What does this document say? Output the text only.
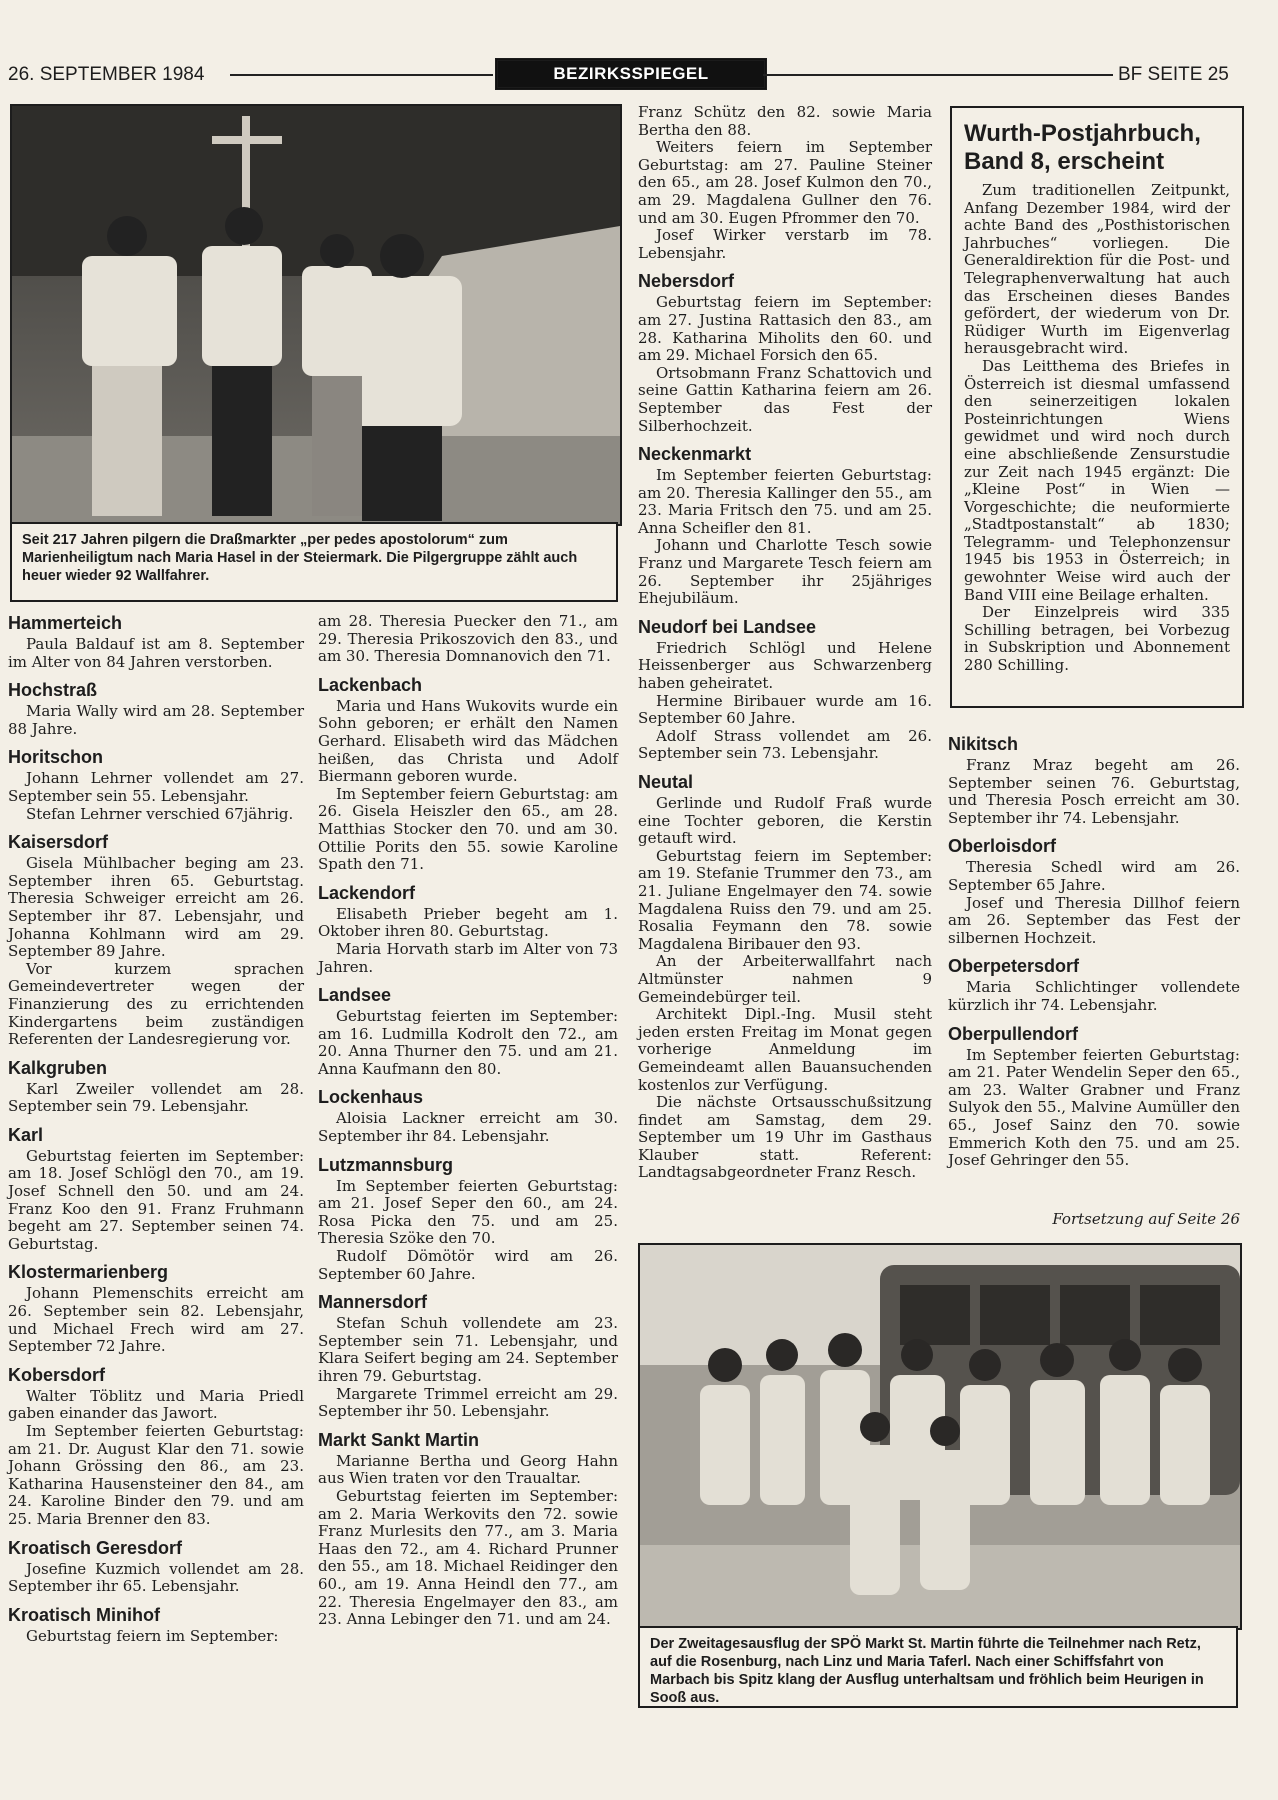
26. SEPTEMBER 1984	BEZIRKSSPIEGEL	BF SEITE 25
Seit 217 Jahren pilgern die Draßmarkter „per pedes apostolorum“ zum Marienheiligtum nach Maria Hasel in der Steiermark. Die Pilgergruppe zählt auch heuer wieder 92 Wallfahrer.
Hammerteich

Paula Baldauf ist am 8. September im Alter von 84 Jahren verstorben.

Hochstraß

Maria Wally wird am 28. September 88 Jahre.

Horitschon

Johann Lehrner vollendet am 27. September sein 55. Lebensjahr.

Stefan Lehrner verschied 67jährig.

Kaisersdorf

Gisela Mühlbacher beging am 23. September ihren 65. Geburtstag. Theresia Schweiger erreicht am 26. September ihr 87. Lebensjahr, und Johanna Kohlmann wird am 29. September 89 Jahre.

Vor kurzem sprachen Gemeindevertreter wegen der Finanzierung des zu errichtenden Kindergartens beim zuständigen Referenten der Landesregierung vor.

Kalkgruben

Karl Zweiler vollendet am 28. September sein 79. Lebensjahr.

Karl

Geburtstag feierten im September: am 18. Josef Schlögl den 70., am 19. Josef Schnell den 50. und am 24. Franz Koo den 91. Franz Fruhmann begeht am 27. September seinen 74. Geburtstag.

Klostermarienberg

Johann Plemenschits erreicht am 26. September sein 82. Lebensjahr, und Michael Frech wird am 27. September 72 Jahre.

Kobersdorf

Walter Töblitz und Maria Priedl gaben einander das Jawort.

Im September feierten Geburtstag: am 21. Dr. August Klar den 71. sowie Johann Grössing den 86., am 23. Katharina Hausensteiner den 84., am 24. Karoline Binder den 79. und am 25. Maria Brenner den 83.

Kroatisch Geresdorf

Josefine Kuzmich vollendet am 28. September ihr 65. Lebensjahr.

Kroatisch Minihof

Geburtstag feiern im September:

am 28. Theresia Puecker den 71., am 29. Theresia Prikoszovich den 83., und am 30. Theresia Domnanovich den 71.

Lackenbach

Maria und Hans Wukovits wurde ein Sohn geboren; er erhält den Namen Gerhard. Elisabeth wird das Mädchen heißen, das Christa und Adolf Biermann geboren wurde.

Im September feiern Geburtstag: am 26. Gisela Heiszler den 65., am 28. Matthias Stocker den 70. und am 30. Ottilie Porits den 55. sowie Karoline Spath den 71.

Lackendorf

Elisabeth Prieber begeht am 1. Oktober ihren 80. Geburtstag.

Maria Horvath starb im Alter von 73 Jahren.

Landsee

Geburtstag feierten im September: am 16. Ludmilla Kodrolt den 72., am 20. Anna Thurner den 75. und am 21. Anna Kaufmann den 80.

Lockenhaus

Aloisia Lackner erreicht am 30. September ihr 84. Lebensjahr.

Lutzmannsburg

Im September feierten Geburtstag: am 21. Josef Seper den 60., am 24. Rosa Picka den 75. und am 25. Theresia Szöke den 70.

Rudolf Dömötör wird am 26. September 60 Jahre.

Mannersdorf

Stefan Schuh vollendete am 23. September sein 71. Lebensjahr, und Klara Seifert beging am 24. September ihren 79. Geburtstag.

Margarete Trimmel erreicht am 29. September ihr 50. Lebensjahr.

Markt Sankt Martin

Marianne Bertha und Georg Hahn aus Wien traten vor den Traualtar.

Geburtstag feierten im September: am 2. Maria Werkovits den 72. sowie Franz Murlesits den 77., am 3. Maria Haas den 72., am 4. Richard Prunner den 55., am 18. Michael Reidinger den 60., am 19. Anna Heindl den 77., am 22. Theresia Engelmayer den 83., am 23. Anna Lebinger den 71. und am 24.

Franz Schütz den 82. sowie Maria Bertha den 88.

Weiters feiern im September Geburtstag: am 27. Pauline Steiner den 65., am 28. Josef Kulmon den 70., am 29. Magdalena Gullner den 76. und am 30. Eugen Pfrommer den 70.

Josef Wirker verstarb im 78. Lebensjahr.

Nebersdorf

Geburtstag feiern im September: am 27. Justina Rattasich den 83., am 28. Katharina Miholits den 60. und am 29. Michael Forsich den 65.

Ortsobmann Franz Schattovich und seine Gattin Katharina feiern am 26. September das Fest der Silberhochzeit.

Neckenmarkt

Im September feierten Geburtstag: am 20. Theresia Kallinger den 55., am 23. Maria Fritsch den 75. und am 25. Anna Scheifler den 81.

Johann und Charlotte Tesch sowie Franz und Margarete Tesch feiern am 26. September ihr 25jähriges Ehejubiläum.

Neudorf bei Landsee

Friedrich Schlögl und Helene Heissenberger aus Schwarzenberg haben geheiratet.

Hermine Biribauer wurde am 16. September 60 Jahre.

Adolf Strass vollendet am 26. September sein 73. Lebensjahr.

Neutal

Gerlinde und Rudolf Fraß wurde eine Tochter geboren, die Kerstin getauft wird.

Geburtstag feiern im September: am 19. Stefanie Trummer den 73., am 21. Juliane Engelmayer den 74. sowie Magdalena Ruiss den 79. und am 25. Rosalia Feymann den 78. sowie Magdalena Biribauer den 93.

An der Arbeiterwallfahrt nach Altmünster nahmen 9 Gemeindebürger teil.

Architekt Dipl.-Ing. Musil steht jeden ersten Freitag im Monat gegen vorherige Anmeldung im Gemeindeamt allen Bauansuchenden kostenlos zur Verfügung.

Die nächste Ortsausschußsitzung findet am Samstag, dem 29. September um 19 Uhr im Gasthaus Klauber statt. Referent: Landtagsabgeordneter Franz Resch.

Wurth-Postjahrbuch, Band 8, erscheint

Zum traditionellen Zeitpunkt, Anfang Dezember 1984, wird der achte Band des „Posthistorischen Jahrbuches“ vorliegen. Die Generaldirektion für die Post- und Telegraphenverwaltung hat auch das Erscheinen dieses Bandes gefördert, der wiederum von Dr. Rüdiger Wurth im Eigenverlag herausgebracht wird.

Das Leitthema des Briefes in Österreich ist diesmal umfassend den seinerzeitigen lokalen Posteinrichtungen Wiens gewidmet und wird noch durch eine abschließende Zensurstudie zur Zeit nach 1945 ergänzt: Die „Kleine Post“ in Wien — Vorgeschichte; die neuformierte „Stadtpostanstalt“ ab 1830; Telegramm- und Telephonzensur 1945 bis 1953 in Österreich; in gewohnter Weise wird auch der Band VIII eine Beilage erhalten.

Der Einzelpreis wird 335 Schilling betragen, bei Vorbezug in Subskription und Abonnement 280 Schilling.

Nikitsch

Franz Mraz begeht am 26. September seinen 76. Geburtstag, und Theresia Posch erreicht am 30. September ihr 74. Lebensjahr.

Oberloisdorf

Theresia Schedl wird am 26. September 65 Jahre.

Josef und Theresia Dillhof feiern am 26. September das Fest der silbernen Hochzeit.

Oberpetersdorf

Maria Schlichtinger vollendete kürzlich ihr 74. Lebensjahr.

Oberpullendorf

Im September feierten Geburtstag: am 21. Pater Wendelin Seper den 65., am 23. Walter Grabner und Franz Sulyok den 55., Malvine Aumüller den 65., Josef Sainz den 70. sowie Emmerich Koth den 75. und am 25. Josef Gehringer den 55.

Fortsetzung auf Seite 26
Der Zweitagesausflug der SPÖ Markt St. Martin führte die Teilnehmer nach Retz, auf die Rosenburg, nach Linz und Maria Taferl. Nach einer Schiffsfahrt von Marbach bis Spitz klang der Ausflug unterhaltsam und fröhlich beim Heurigen in Sooß aus.
